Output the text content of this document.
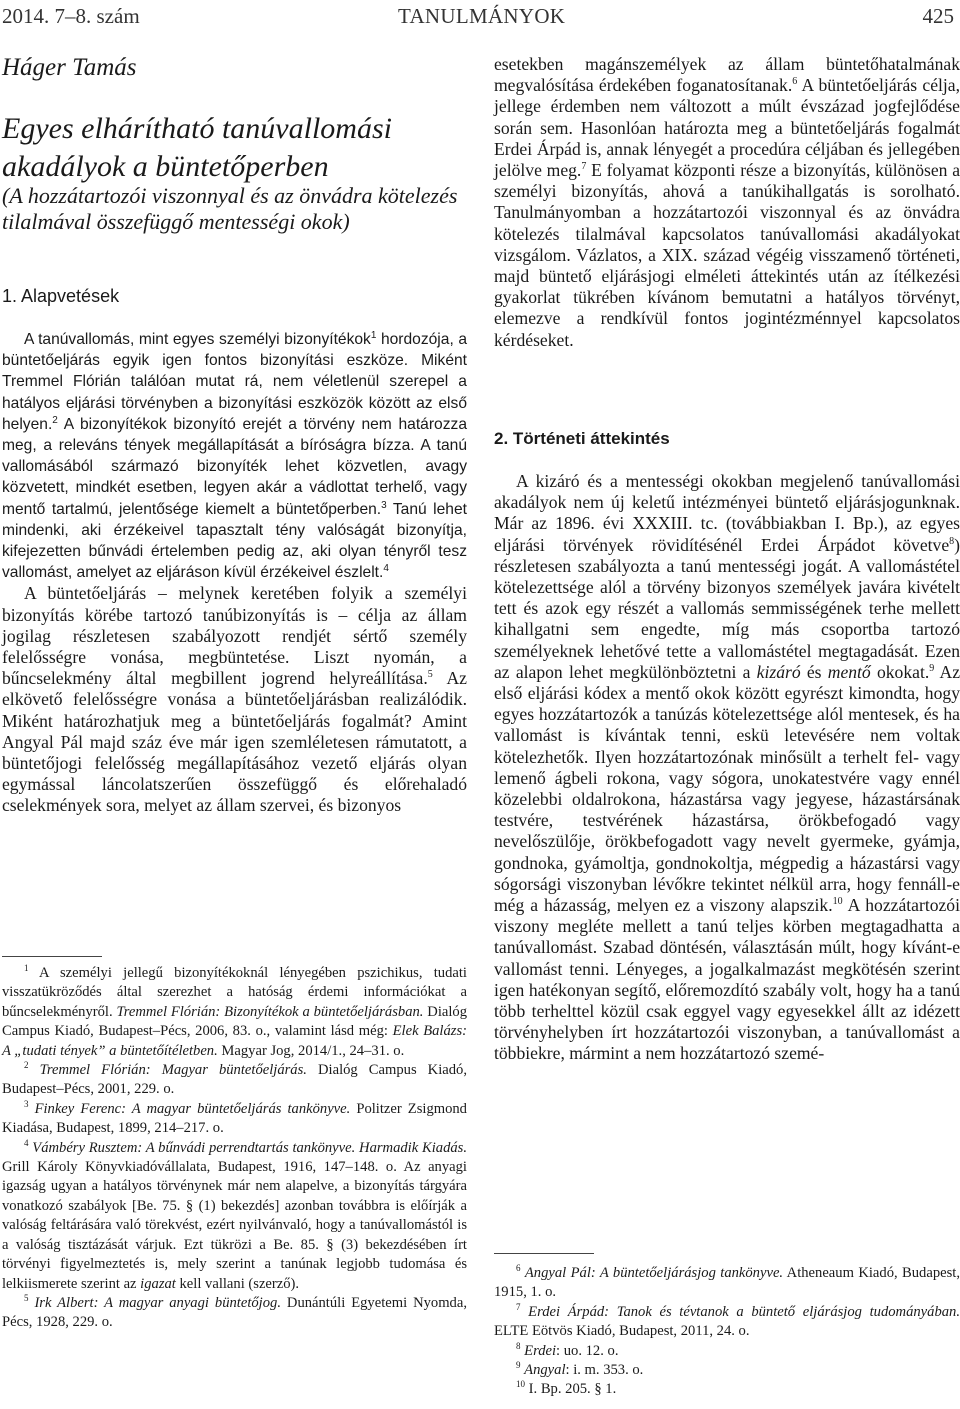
2014. 7–8. szám	TANULMÁNYOK	425
Háger Tamás
Egyes elhárítható tanúvallomási akadályok a büntetőperben
(A hozzátartozói viszonnyal és az önvádra kötelezés tilalmával összefüggő mentességi okok)
1. Alapvetések

A tanúvallomás, mint egyes személyi bizonyítékok$^1$ hordozója, a büntetőeljárás egyik igen fontos bizonyítási eszköze. Miként Tremmel Flórián találóan mutat rá, nem véletlenül szerepel a hatályos eljárási törvényben a bizonyítási eszközök között az első helyen.$^2$ A bizonyítékok bizonyító erejét a törvény nem határozza meg, a releváns tények megállapítását a bíróságra bízza. A tanú vallomásából származó bizonyíték lehet közvetlen, avagy közvetett, mindkét esetben, legyen akár a vádlottat terhelő, vagy mentő tartalmú, jelentősége kiemelt a büntetőperben.$^3$ Tanú lehet mindenki, aki érzékeivel tapasztalt tény valóságát bizonyítja, kifejezetten bűnvádi értelemben pedig az, aki olyan tényről tesz vallomást, amelyet az eljáráson kívül érzékeivel észlelt.$^4$

A büntetőeljárás – melynek keretében folyik a személyi bizonyítás körébe tartozó tanúbizonyítás is – célja az állam jogilag részletesen szabályozott rendjét sértő személy felelősségre vonása, megbüntetése. Liszt nyomán, a bűncselekmény által megbillent jogrend helyreállítása.$^5$ Az elkövető felelősségre vonása a büntetőeljárásban realizálódik. Miként határozhatjuk meg a büntetőeljárás fogalmát? Amint Angyal Pál majd száz éve már igen szemléletesen rámutatott, a büntetőjogi felelősség megállapításához vezető eljárás olyan egymással láncolatszerűen összefüggő és előrehaladó cselekmények sora, melyet az állam szervei, és bizonyos

$^1$ A személyi jellegű bizonyítékoknál lényegében pszichikus, tudati visszatükröződés által szerezhet a hatóság érdemi információkat a bűncselekményről. Tremmel Flórián: Bizonyítékok a büntetőeljárásban. Dialóg Campus Kiadó, Budapest–Pécs, 2006, 83. o., valamint lásd még: Elek Balázs: A „tudati tények” a büntetőítéletben. Magyar Jog, 2014/1., 24–31. o.

$^2$ Tremmel Flórián: Magyar büntetőeljárás. Dialóg Campus Kiadó, Budapest–Pécs, 2001, 229. o.

$^3$ Finkey Ferenc: A magyar büntetőeljárás tankönyve. Politzer Zsigmond Kiadása, Budapest, 1899, 214–217. o.

$^4$ Vámbéry Rusztem: A bűnvádi perrendtartás tankönyve. Harmadik Kiadás. Grill Károly Könyvkiadóvállalata, Budapest, 1916, 147–148. o. Az anyagi igazság ugyan a hatályos törvénynek már nem alapelve, a bizonyítás tárgyára vonatkozó szabályok [Be. 75. § (1) bekezdés] azonban továbbra is előírják a valóság feltárására való törekvést, ezért nyilvánvaló, hogy a tanúvallomástól is a valóság tisztázását várjuk. Ezt tükrözi a Be. 85. § (3) bekezdésében írt törvényi figyelmeztetés is, mely szerint a tanúnak legjobb tudomása és lelkiismerete szerint az igazat kell vallani (szerző).

$^5$ Irk Albert: A magyar anyagi büntetőjog. Dunántúli Egyetemi Nyomda, Pécs, 1928, 229. o.

esetekben magánszemélyek az állam büntetőhatalmának megvalósítása érdekében foganatosítanak.$^6$ A büntetőeljárás célja, jellege érdemben nem változott a múlt évszázad jogfejlődése során sem. Hasonlóan határozta meg a büntetőeljárás fogalmát Erdei Árpád is, annak lényegét a procedúra céljában és jellegében jelölve meg.$^7$ E folyamat központi része a bizonyítás, különösen a személyi bizonyítás, ahová a tanúkihallgatás is sorolható. Tanulmányomban a hozzátartozói viszonnyal és az önvádra kötelezés tilalmával kapcsolatos tanúvallomási akadályokat vizsgálom. Vázlatos, a XIX. század végéig visszamenő történeti, majd büntető eljárásjogi elméleti áttekintés után az ítélkezési gyakorlat tükrében kívánom bemutatni a hatályos törvényt, elemezve a rendkívül fontos jogintézménnyel kapcsolatos kérdéseket.

2. Történeti áttekintés

A kizáró és a mentességi okokban megjelenő tanúvallomási akadályok nem új keletű intézményei büntető eljárásjogunknak. Már az 1896. évi XXXIII. tc. (továbbiakban I. Bp.), az egyes eljárási törvények rövidítésénél Erdei Árpádot követve$^8$) részletesen szabályozta a tanú mentességi jogát. A vallomástétel kötelezettsége alól a törvény bizonyos személyek javára kivételt tett és azok egy részét a vallomás semmisségének terhe mellett kihallgatni sem engedte, míg más csoportba tartozó személyeknek lehetővé tette a vallomástétel megtagadását. Ezen az alapon lehet megkülönböztetni a kizáró és mentő okokat.$^9$ Az első eljárási kódex a mentő okok között egyrészt kimondta, hogy egyes hozzátartozók a tanúzás kötelezettsége alól mentesek, és ha vallomást is kívántak tenni, eskü letevésére nem voltak kötelezhetők. Ilyen hozzátartozónak minősült a terhelt fel- vagy lemenő ágbeli rokona, vagy sógora, unokatestvére vagy ennél közelebbi oldalrokona, házastársa vagy jegyese, házastársának testvére, testvérének házastársa, örökbefogadó vagy nevelőszülője, örökbefogadott vagy nevelt gyermeke, gyámja, gondnoka, gyámoltja, gondnokoltja, mégpedig a házastársi vagy sógorsági viszonyban lévőkre tekintet nélkül arra, hogy fennáll-e még a házasság, melyen ez a viszony alapszik.$^{10}$ A hozzátartozói viszony megléte mellett a tanú teljes körben megtagadhatta a tanúvallomást. Szabad döntésén, választásán múlt, hogy kívánt-e vallomást tenni. Lényeges, a jogalkalmazást megkötésén szerint igen hatékonyan segítő, előremozdító szabály volt, hogy ha a tanú több terhelttel közül csak eggyel vagy egyesekkel állt az idézett törvényhelyben írt hozzátartozói viszonyban, a tanúvallomást a többiekre, mármint a nem hozzátartozó szemé-

$^6$ Angyal Pál: A büntetőeljárásjog tankönyve. Atheneaum Kiadó, Budapest, 1915, 1. o.

$^7$ Erdei Árpád: Tanok és tévtanok a büntető eljárásjog tudományában. ELTE Eötvös Kiadó, Budapest, 2011, 24. o.

$^8$ Erdei: uo. 12. o.

$^9$ Angyal: i. m. 353. o.

$^{10}$ I. Bp. 205. § 1.
